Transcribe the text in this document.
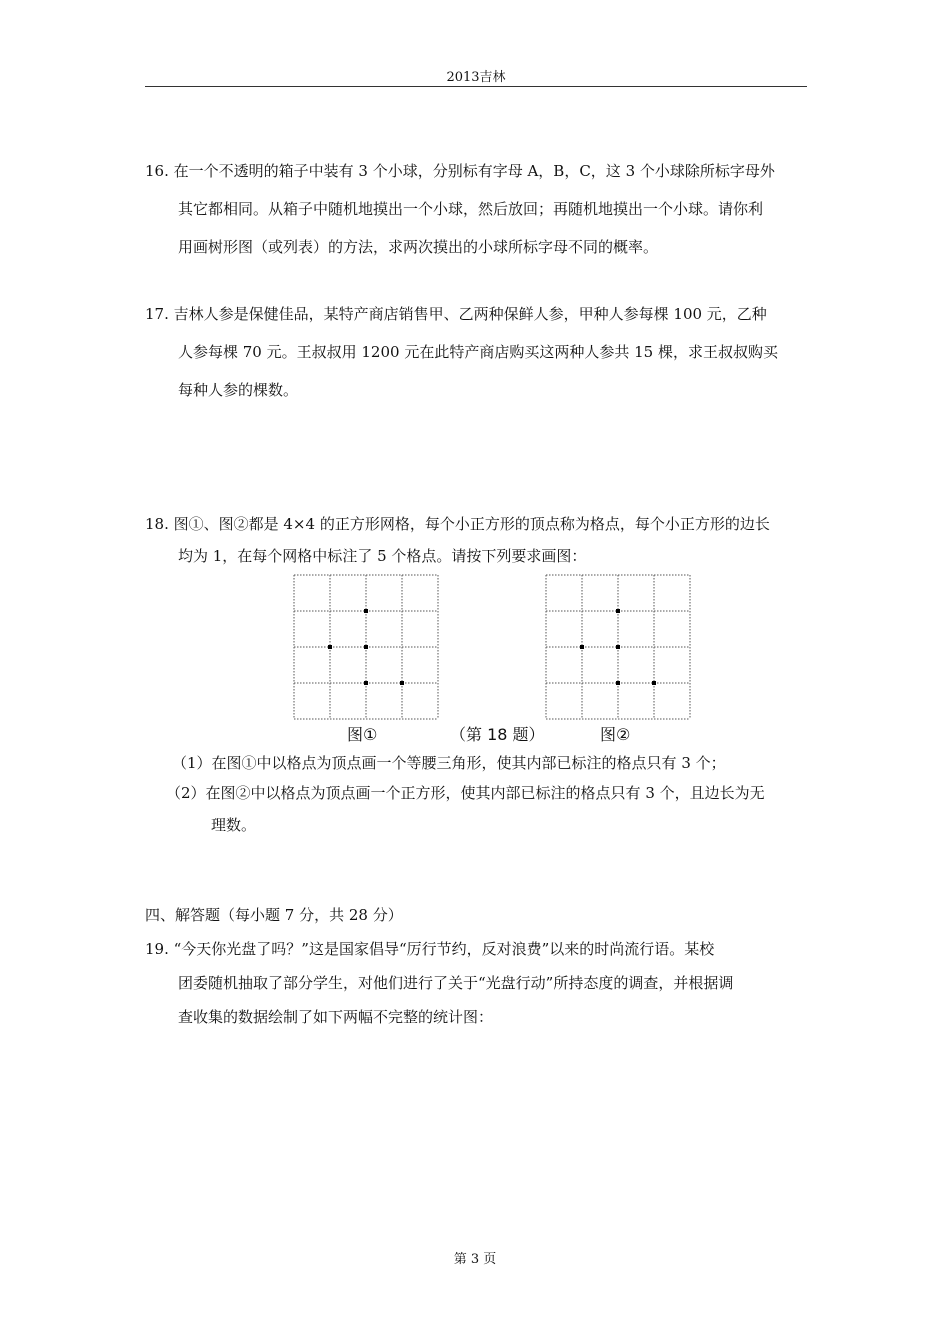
2013吉林
16. 在一个不透明的箱子中装有 3 个小球，分别标有字母 A，B，C，这 3 个小球除所标字母外
其它都相同。从箱子中随机地摸出一个小球，然后放回；再随机地摸出一个小球。请你利
用画树形图（或列表）的方法，求两次摸出的小球所标字母不同的概率。
17. 吉林人参是保健佳品，某特产商店销售甲、乙两种保鲜人参，甲种人参每棵 100 元，乙种
人参每棵 70 元。王叔叔用 1200 元在此特产商店购买这两种人参共 15 棵，求王叔叔购买
每种人参的棵数。
18. 图①、图②都是 4×4 的正方形网格，每个小正方形的顶点称为格点，每个小正方形的边长
均为 1，在每个网格中标注了 5 个格点。请按下列要求画图：
图①	（第 18 题）	图②
（1）在图①中以格点为顶点画一个等腰三角形，使其内部已标注的格点只有 3 个；
（2）在图②中以格点为顶点画一个正方形，使其内部已标注的格点只有 3 个，且边长为无
理数。
四、解答题（每小题 7 分，共 28 分）
19. “今天你光盘了吗？”这是国家倡导“厉行节约，反对浪费”以来的时尚流行语。某校
团委随机抽取了部分学生，对他们进行了关于“光盘行动”所持态度的调查，并根据调
查收集的数据绘制了如下两幅不完整的统计图：
第 3 页
